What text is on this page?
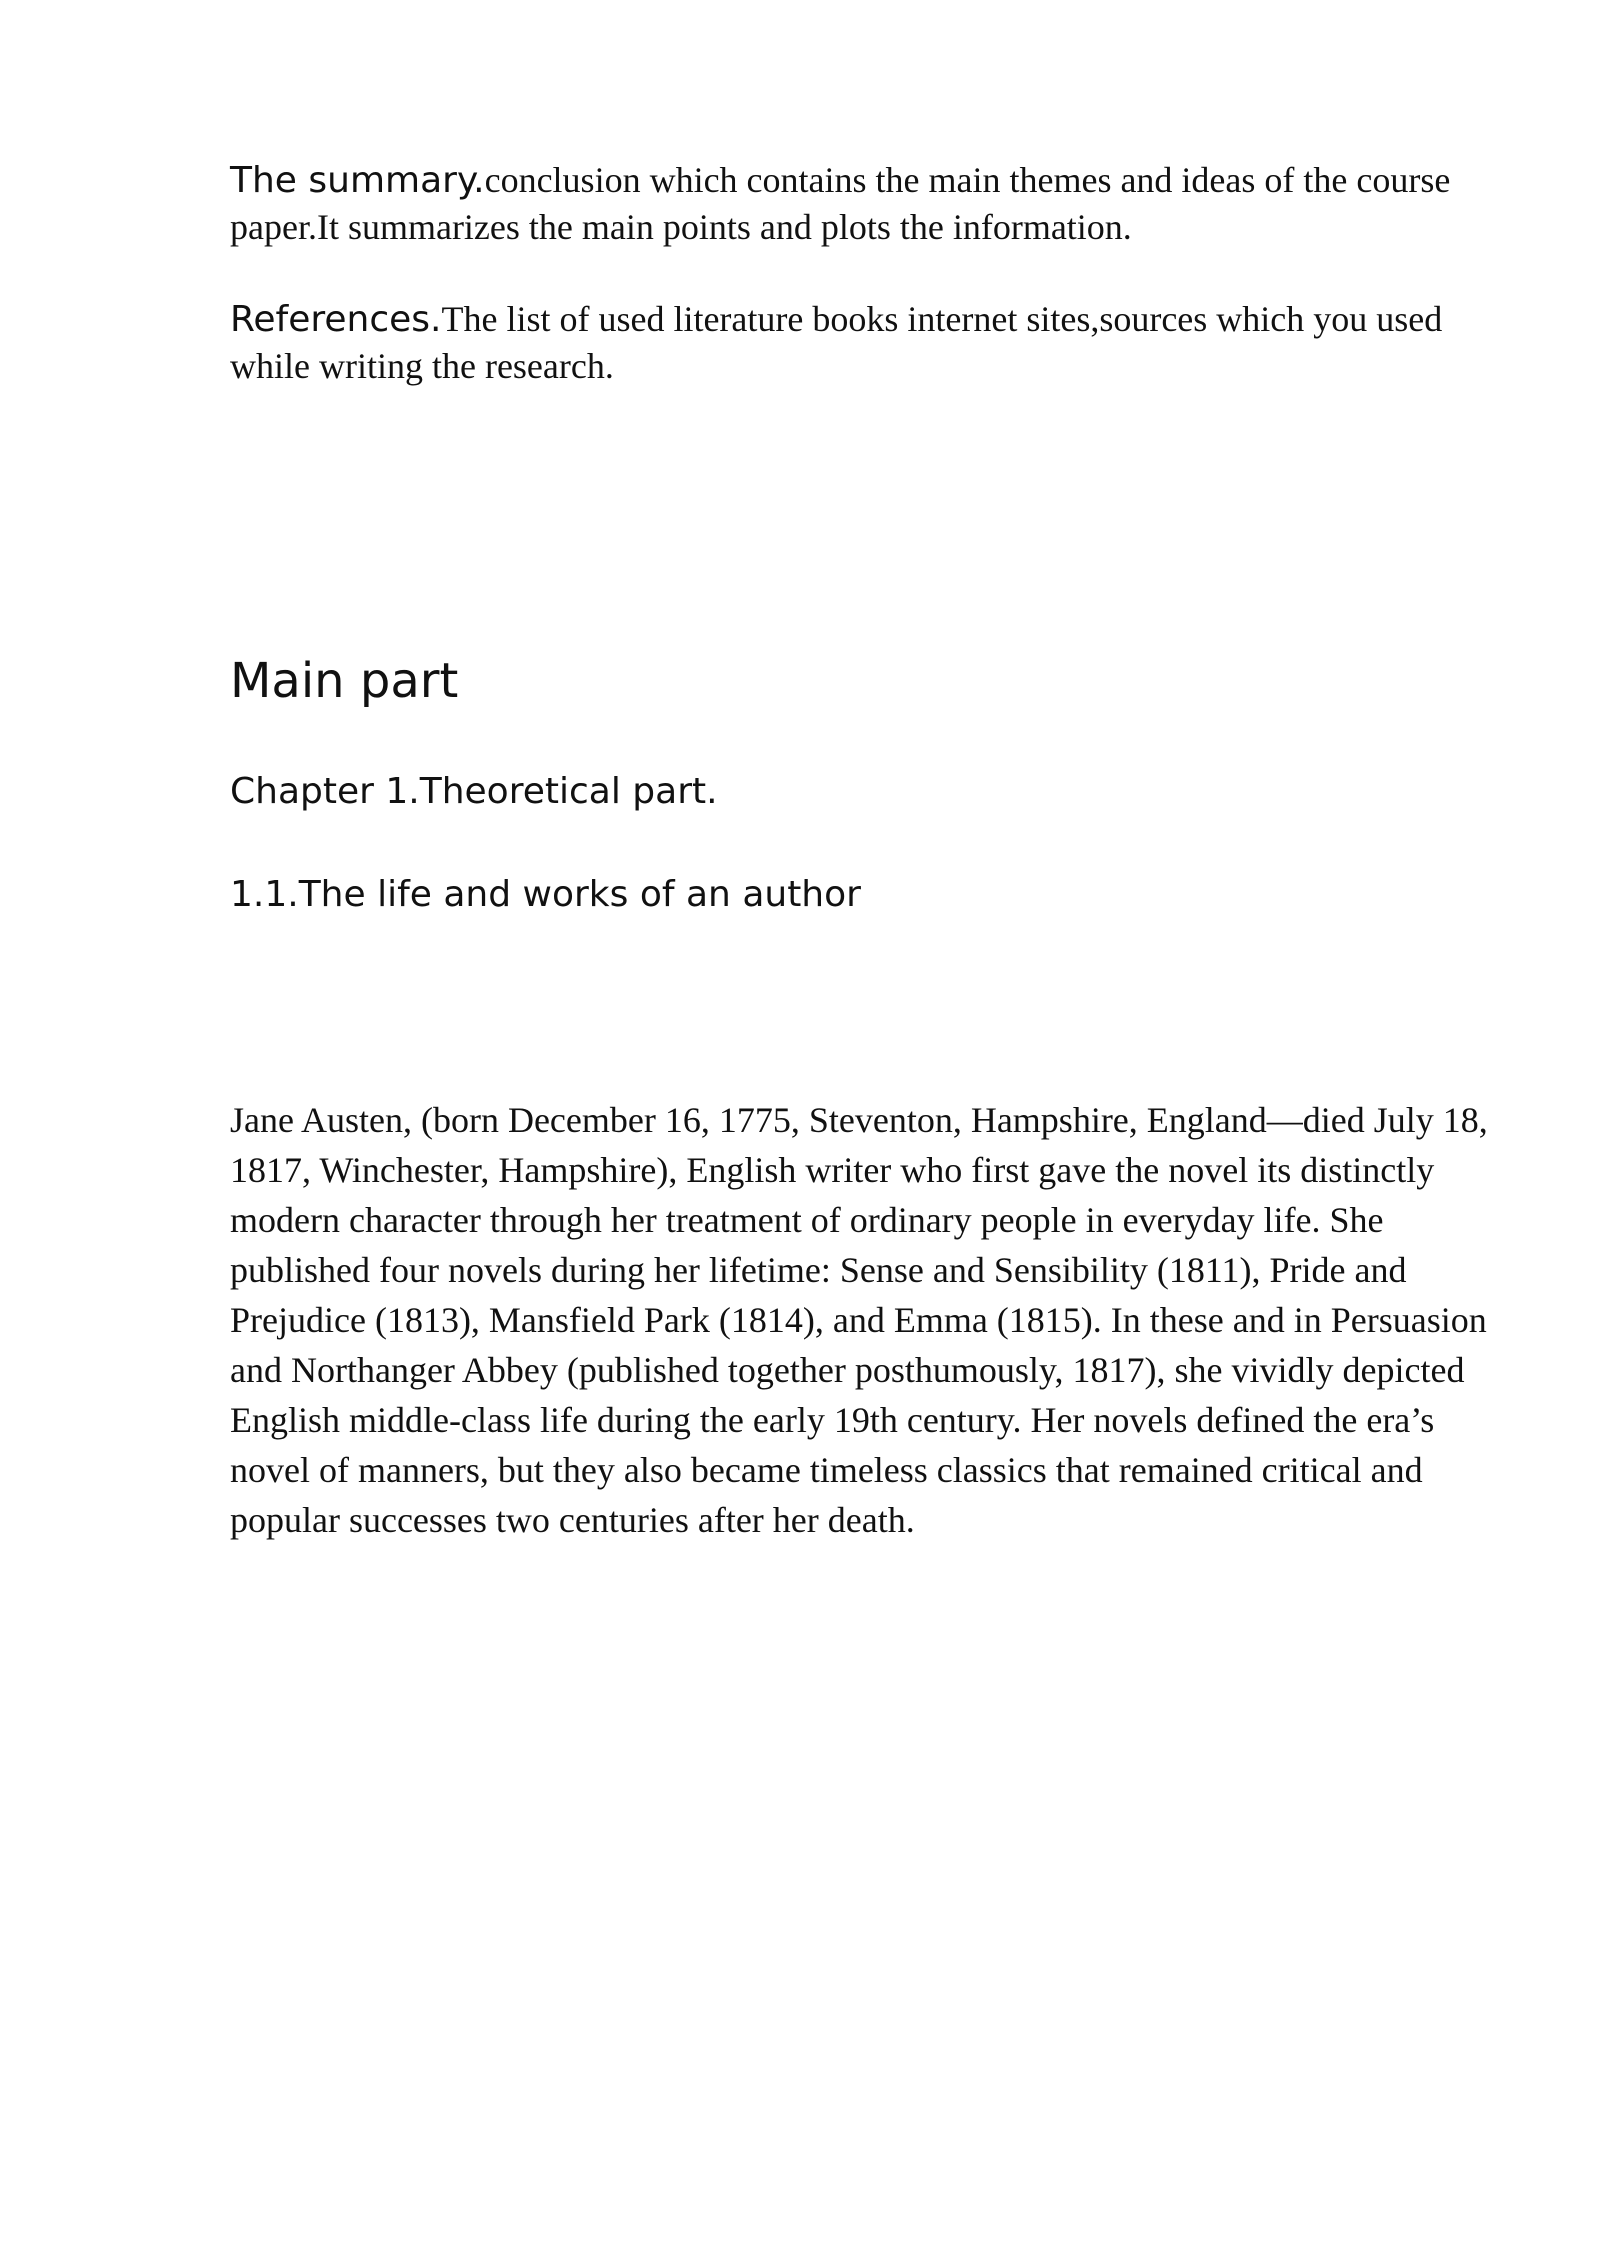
The summary.conclusion which contains the main themes and ideas of the course paper.It summarizes the main points and plots the information.

References.The list of used literature books internet sites,sources which you used while writing the research.

Main part
Chapter 1.Theoretical part.
1.1.The life and works of an author

Jane Austen, (born December 16, 1775, Steventon, Hampshire, England—died July 18, 1817, Winchester, Hampshire), English writer who first gave the novel its distinctly modern character through her treatment of ordinary people in everyday life. She published four novels during her lifetime: Sense and Sensibility (1811), Pride and Prejudice (1813), Mansfield Park (1814), and Emma (1815). In these and in Persuasion and Northanger Abbey (published together posthumously, 1817), she vividly depicted English middle-class life during the early 19th century. Her novels defined the era’s novel of manners, but they also became timeless classics that remained critical and popular successes two centuries after her death.
